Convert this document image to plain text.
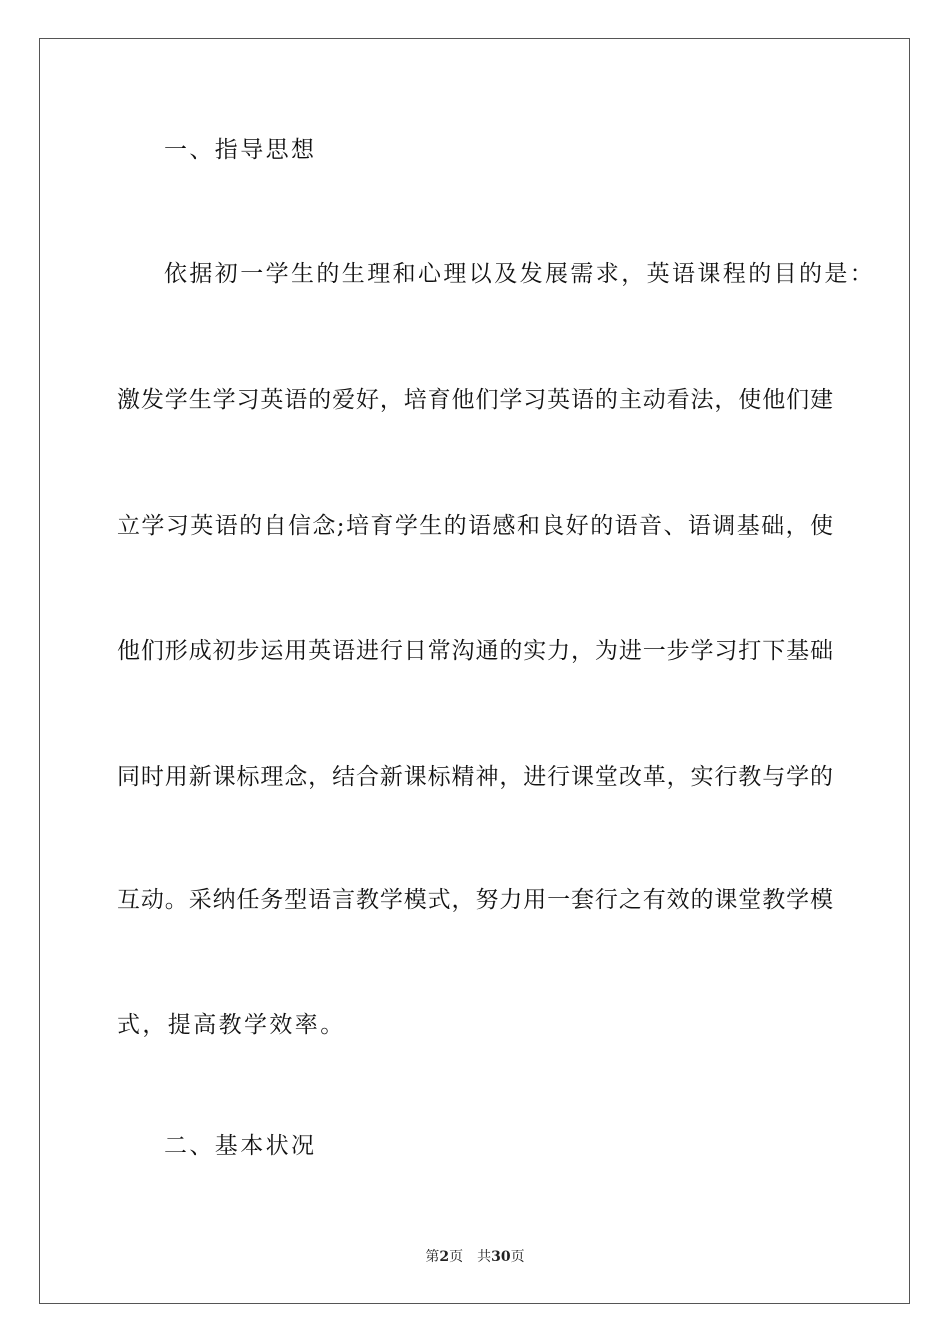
一、指导思想
依据初一学生的生理和心理以及发展需求，英语课程的目的是：
激发学生学习英语的爱好，培育他们学习英语的主动看法，使他们建
立学习英语的自信念;培育学生的语感和良好的语音、语调基础，使
他们形成初步运用英语进行日常沟通的实力，为进一步学习打下基础
同时用新课标理念，结合新课标精神，进行课堂改革，实行教与学的
互动。采纳任务型语言教学模式，努力用一套行之有效的课堂教学模
式，提高教学效率。
二、基本状况
第2页　共30页
